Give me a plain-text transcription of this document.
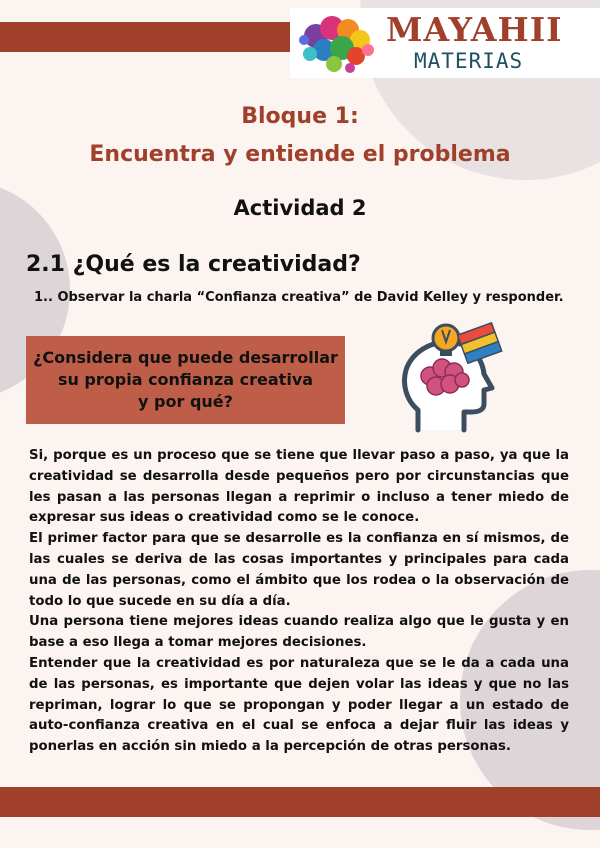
MAYAHII
MATERIAS
Bloque 1:
Encuentra y entiende el problema
Actividad 2
2.1 ¿Qué es la creatividad?
1.. Observar la charla “Confianza creativa” de David Kelley y responder.
¿Considera que puede desarrollar
su propia confianza creativa
y por qué?

Si, porque es un proceso que se tiene que llevar paso a paso, ya que la creatividad se desarrolla desde pequeños pero por circunstancias que les pasan a las personas llegan a reprimir o incluso a tener miedo de expresar sus ideas o creatividad como se le conoce.

El primer factor para que se desarrolle es la confianza en sí mismos, de las cuales se deriva de las cosas importantes y principales para cada una de las personas, como el ámbito que los rodea o la observación de todo lo que sucede en su día a día.

Una persona tiene mejores ideas cuando realiza algo que le gusta y en base a eso llega a tomar mejores decisiones.

Entender que la creatividad es por naturaleza que se le da a cada una de las personas, es importante que dejen volar las ideas y que no las repriman, lograr lo que se propongan y poder llegar a un estado de auto-confianza creativa en el cual se enfoca a dejar fluir las ideas y ponerlas en acción sin miedo a la percepción de otras personas.
